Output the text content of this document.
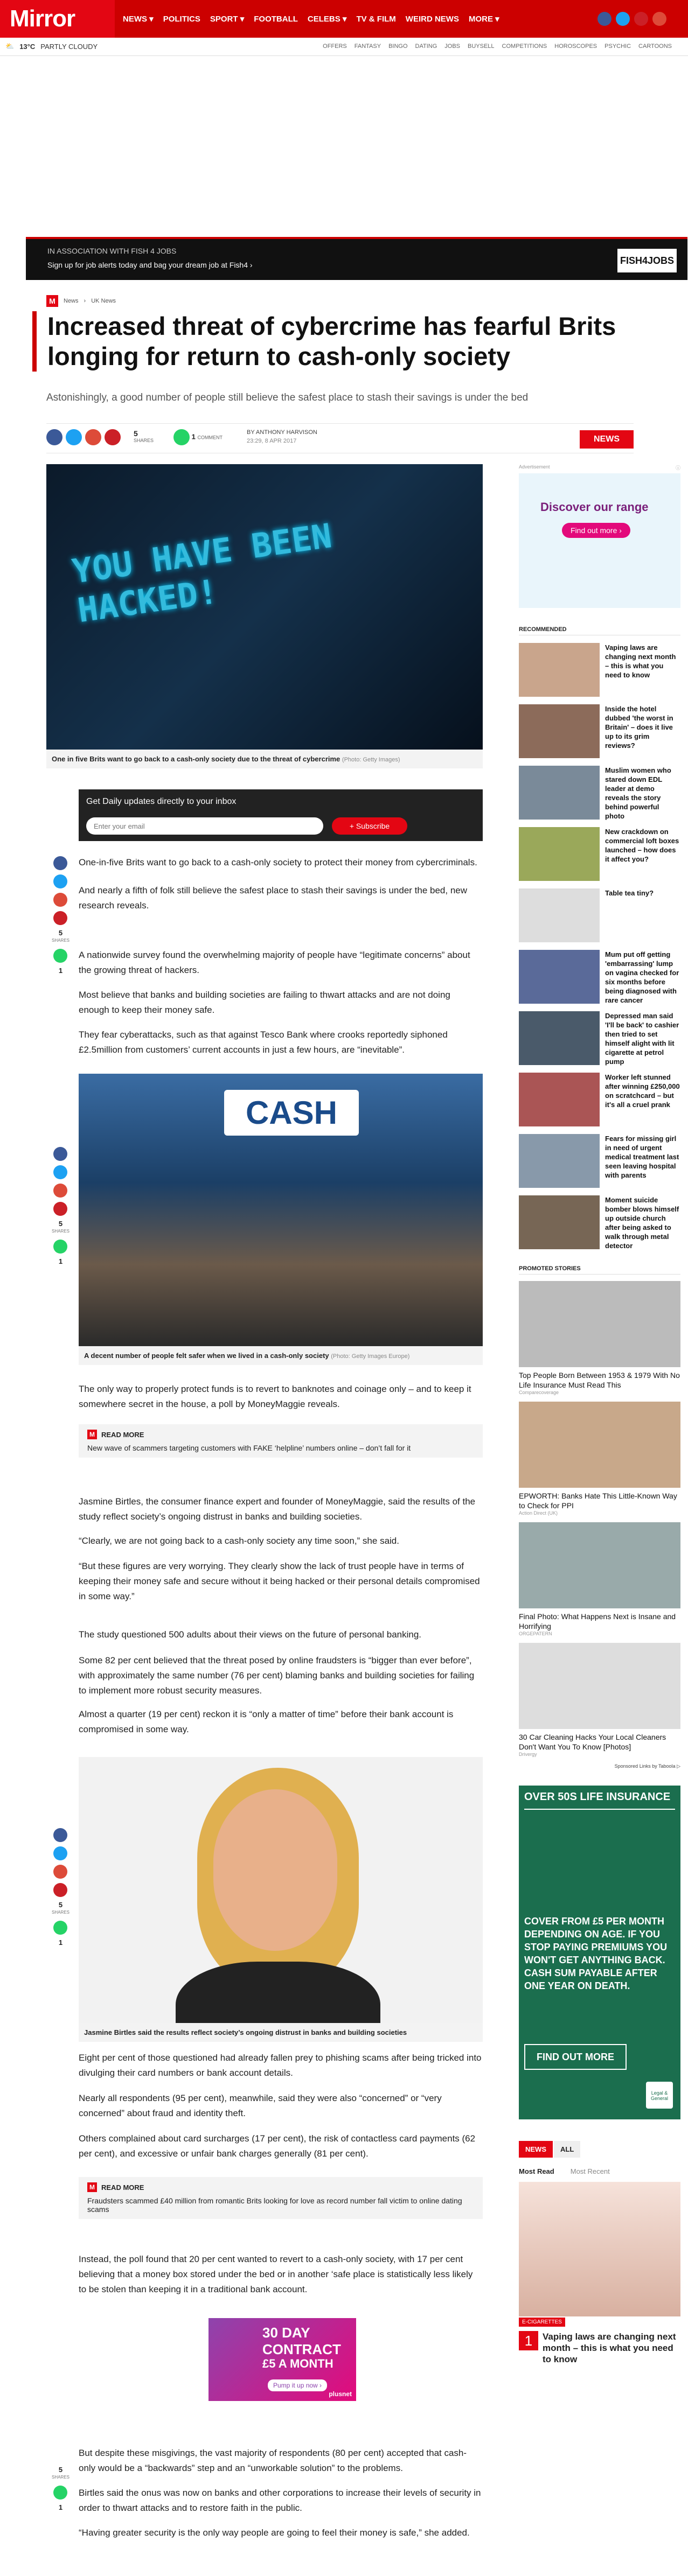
Mirror	NEWS ▾ POLITICS SPORT ▾ FOOTBALL CELEBS ▾ TV & FILM WEIRD NEWS MORE ▾
⛅ 13°C PARTLY CLOUDY	OFFERS FANTASY BINGO DATING JOBS BUYSELL COMPETITIONS HOROSCOPES PSYCHIC CARTOONS
IN ASSOCIATION WITH FISH 4 JOBS
Sign up for job alerts today and bag your dream job at Fish4 ›	FISH4JOBS
M	News › UK News
Increased threat of cybercrime has fearful Brits longing for return to cash-only society

Astonishingly, a good number of people still believe the safest place to stash their savings is under the bed

5
SHARES	1 COMMENT
BY ANTHONY HARVISON
23:29, 8 APR 2017	NEWS
YOU HAVE BEEN HACKED!
One in five Brits want to go back to a cash-only society due to the threat of cybercrime (Photo: Getty Images)
Get Daily updates directly to your inbox
Enter your email
+ Subscribe
5
SHARES
1

One-in-five Brits want to go back to a cash-only society to protect their money from cybercriminals.

And nearly a fifth of folk still believe the safest place to stash their savings is under the bed, new research reveals.

A nationwide survey found the overwhelming majority of people have “legitimate concerns” about the growing threat of hackers.

Most believe that banks and building societies are failing to thwart attacks and are not doing enough to keep their money safe.

They fear cyberattacks, such as that against Tesco Bank where crooks reportedly siphoned £2.5million from customers’ current accounts in just a few hours, are “inevitable”.

CASH
A decent number of people felt safer when we lived in a cash-only society (Photo: Getty Images Europe)
5
SHARES
1

The only way to properly protect funds is to revert to banknotes and coinage only – and to keep it somewhere secret in the house, a poll by MoneyMaggie reveals.

M READ MORE
New wave of scammers targeting customers with FAKE ‘helpline’ numbers online – don’t fall for it

Jasmine Birtles, the consumer finance expert and founder of MoneyMaggie, said the results of the study reflect society’s ongoing distrust in banks and building societies.

“Clearly, we are not going back to a cash-only society any time soon,” she said.

“But these figures are very worrying. They clearly show the lack of trust people have in terms of keeping their money safe and secure without it being hacked or their personal details compromised in some way.”

The study questioned 500 adults about their views on the future of personal banking.

Some 82 per cent believed that the threat posed by online fraudsters is “bigger than ever before”, with approximately the same number (76 per cent) blaming banks and building societies for failing to implement more robust security measures.

Almost a quarter (19 per cent) reckon it is “only a matter of time” before their bank account is compromised in some way.

Jasmine Birtles said the results reflect society’s ongoing distrust in banks and building societies
5
SHARES
1

Eight per cent of those questioned had already fallen prey to phishing scams after being tricked into divulging their card numbers or bank account details.

Nearly all respondents (95 per cent), meanwhile, said they were also “concerned” or “very concerned” about fraud and identity theft.

Others complained about card surcharges (17 per cent), the risk of contactless card payments (62 per cent), and excessive or unfair bank charges generally (81 per cent).

M READ MORE
Fraudsters scammed £40 million from romantic Brits looking for love as record number fall victim to online dating scams

Instead, the poll found that 20 per cent wanted to revert to a cash-only society, with 17 per cent believing that a money box stored under the bed or in another ‘safe place is statistically less likely to be stolen than keeping it in a traditional bank account.

30 DAY CONTRACT
£5 A MONTH
Pump it up now ›
plusnet

But despite these misgivings, the vast majority of respondents (80 per cent) accepted that cash-only would be a “backwards” step and an “unworkable solution” to the problems.

Birtles said the onus was now on banks and other corporations to increase their levels of security in order to thwart attacks and to restore faith in the public.

“Having greater security is the only way people are going to feel their money is safe,” she added.

5
SHARES
1
Advertisement	ⓘ
Discover our range
Find out more ›
RECOMMENDED
Vaping laws are changing next month – this is what you need to know
Inside the hotel dubbed 'the worst in Britain' – does it live up to its grim reviews?
Muslim women who stared down EDL leader at demo reveals the story behind powerful photo
New crackdown on commercial loft boxes launched – how does it affect you?
Table tea tiny?
Mum put off getting 'embarrassing' lump on vagina checked for six months before being diagnosed with rare cancer
Depressed man said 'I'll be back' to cashier then tried to set himself alight with lit cigarette at petrol pump
Worker left stunned after winning £250,000 on scratchcard – but it's all a cruel prank
Fears for missing girl in need of urgent medical treatment last seen leaving hospital with parents
Moment suicide bomber blows himself up outside church after being asked to walk through metal detector
PROMOTED STORIES
Top People Born Between 1953 & 1979 With No Life Insurance Must Read This
Comparecoverage
EPWORTH: Banks Hate This Little-Known Way to Check for PPI
Action Direct (UK)
Final Photo: What Happens Next is Insane and Horrifying
ORGEPATERN
30 Car Cleaning Hacks Your Local Cleaners Don't Want You To Know [Photos]
Drivergy
Sponsored Links by Taboola ▷
OVER 50S LIFE INSURANCE
COVER FROM £5 PER MONTH DEPENDING ON AGE. IF YOU STOP PAYING PREMIUMS YOU WON'T GET ANYTHING BACK. CASH SUM PAYABLE AFTER ONE YEAR ON DEATH.
FIND OUT MORE
Legal & General
NEWS	ALL
Most Read Most Recent
E-CIGARETTES
1	Vaping laws are changing next month – this is what you need to know
